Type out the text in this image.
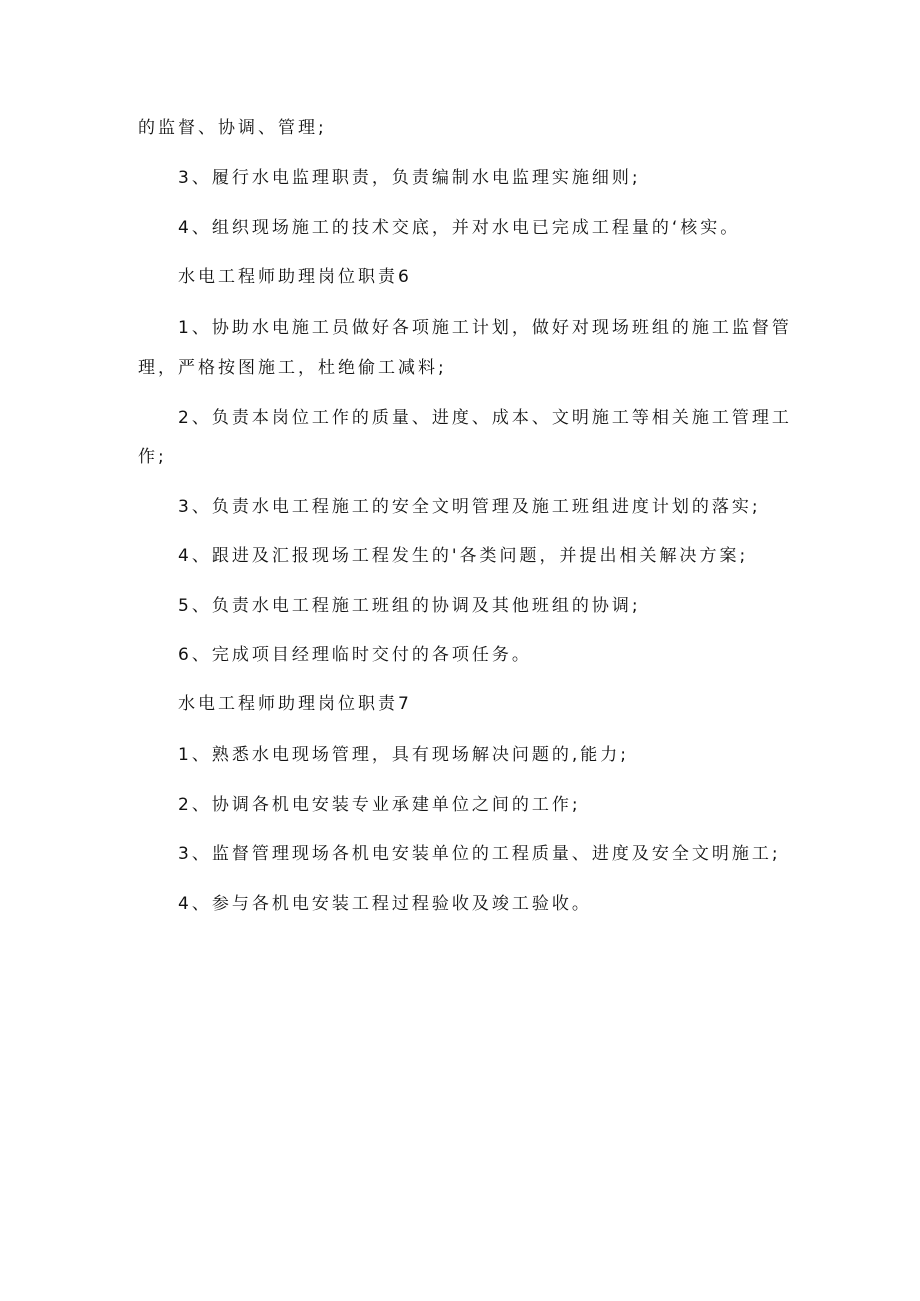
的监督、协调、管理;

3、履行水电监理职责，负责编制水电监理实施细则;

4、组织现场施工的技术交底，并对水电已完成工程量的‘核实。

水电工程师助理岗位职责6

1、协助水电施工员做好各项施工计划，做好对现场班组的施工监督管

理，严格按图施工，杜绝偷工减料;

2、负责本岗位工作的质量、进度、成本、文明施工等相关施工管理工

作;

3、负责水电工程施工的安全文明管理及施工班组进度计划的落实;

4、跟进及汇报现场工程发生的'各类问题，并提出相关解决方案;

5、负责水电工程施工班组的协调及其他班组的协调;

6、完成项目经理临时交付的各项任务。

水电工程师助理岗位职责7

1、熟悉水电现场管理，具有现场解决问题的,能力;

2、协调各机电安装专业承建单位之间的工作;

3、监督管理现场各机电安装单位的工程质量、进度及安全文明施工;

4、参与各机电安装工程过程验收及竣工验收。
